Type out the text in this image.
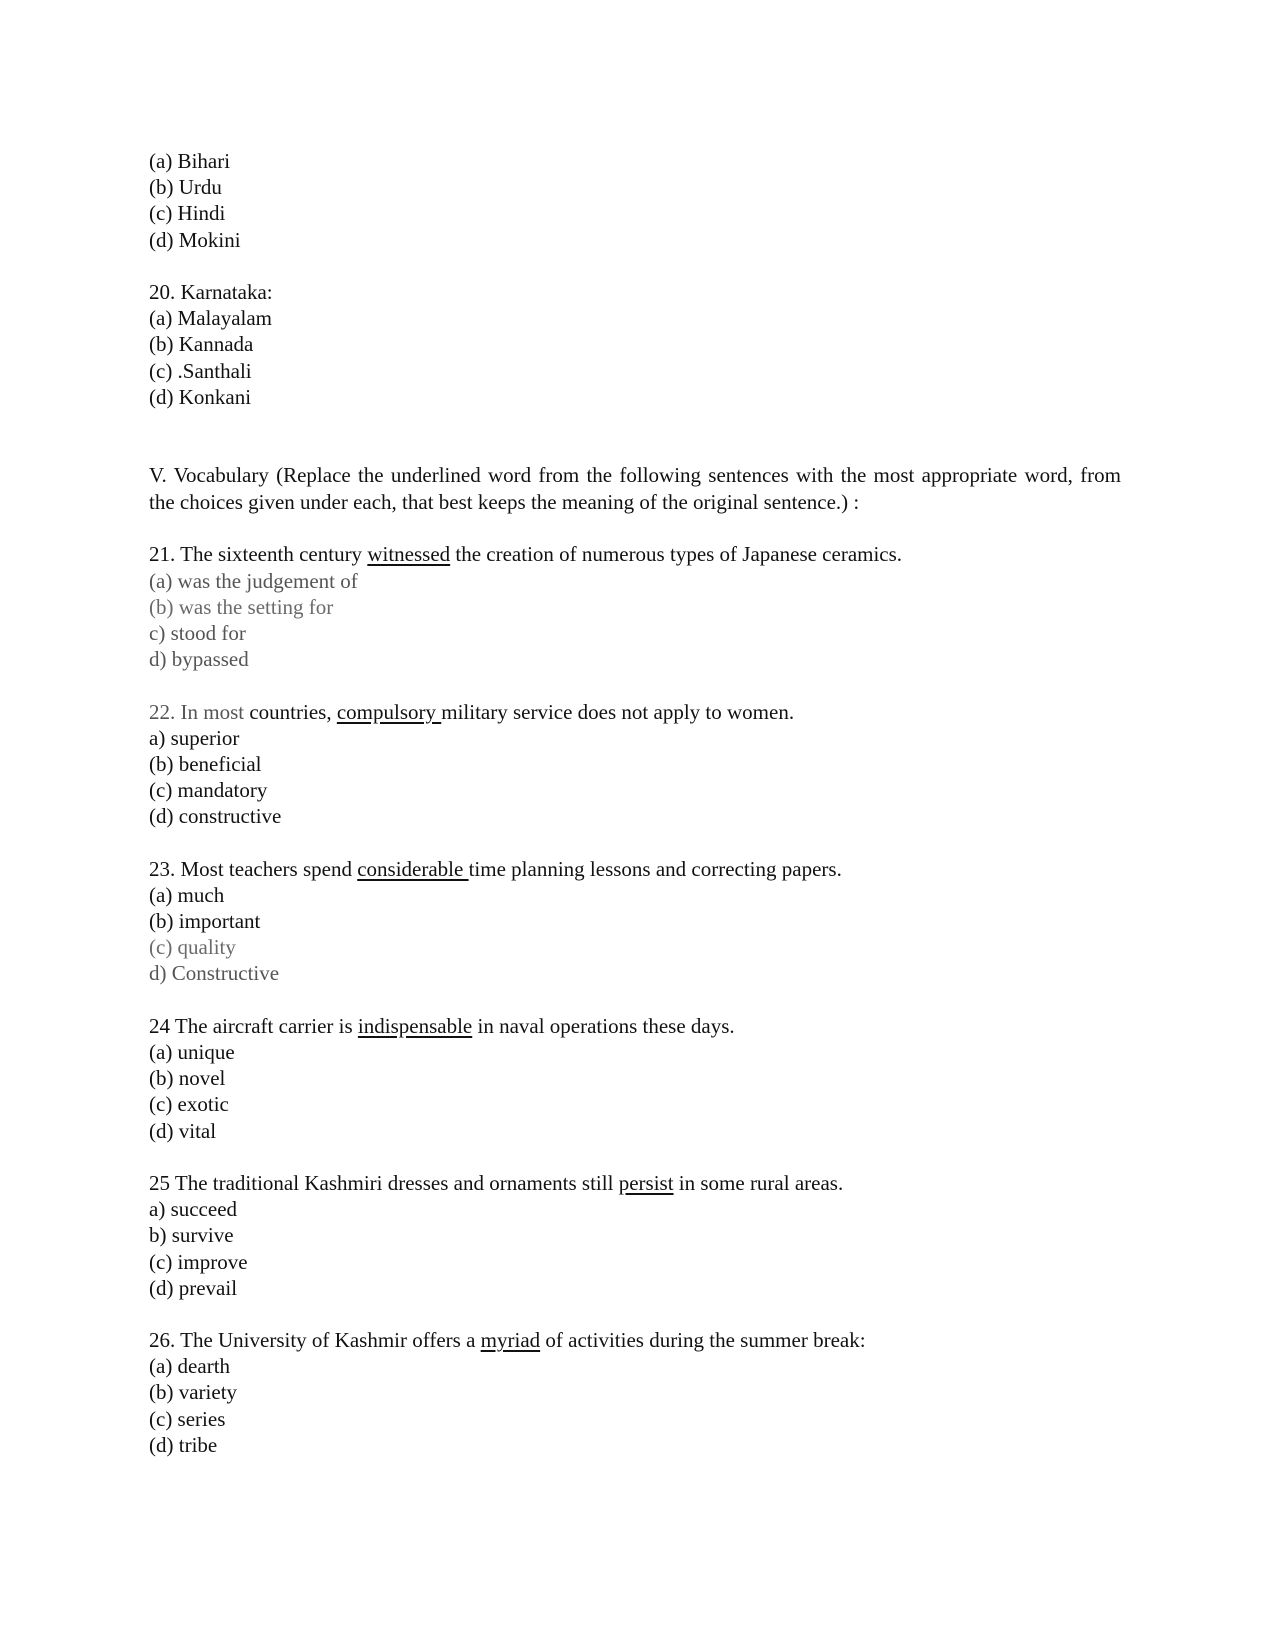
(a) Bihari
(b) Urdu
(c) Hindi
(d) Mokini
20. Karnataka:
(a) Malayalam
(b) Kannada
(c) .Santhali
(d) Konkani
V. Vocabulary (Replace the underlined word from the following sentences with the most appropriate word, from the choices given under each, that best keeps the meaning of the original sentence.) :
21. The sixteenth century witnessed the creation of numerous types of Japanese ceramics.
(a) was the judgement of
(b) was the setting for
c) stood for
d) bypassed
22. In most countries, compulsory military service does not apply to women.
a) superior
(b) beneficial
(c) mandatory
(d) constructive
23. Most teachers spend considerable time planning lessons and correcting papers.
(a) much
(b) important
(c) quality
d) Constructive
24 The aircraft carrier is indispensable in naval operations these days.
(a) unique
(b) novel
(c) exotic
(d) vital
25 The traditional Kashmiri dresses and ornaments still persist in some rural areas.
a) succeed
b) survive
(c) improve
(d) prevail
26. The University of Kashmir offers a myriad of activities during the summer break:
(a) dearth
(b) variety
(c) series
(d) tribe
